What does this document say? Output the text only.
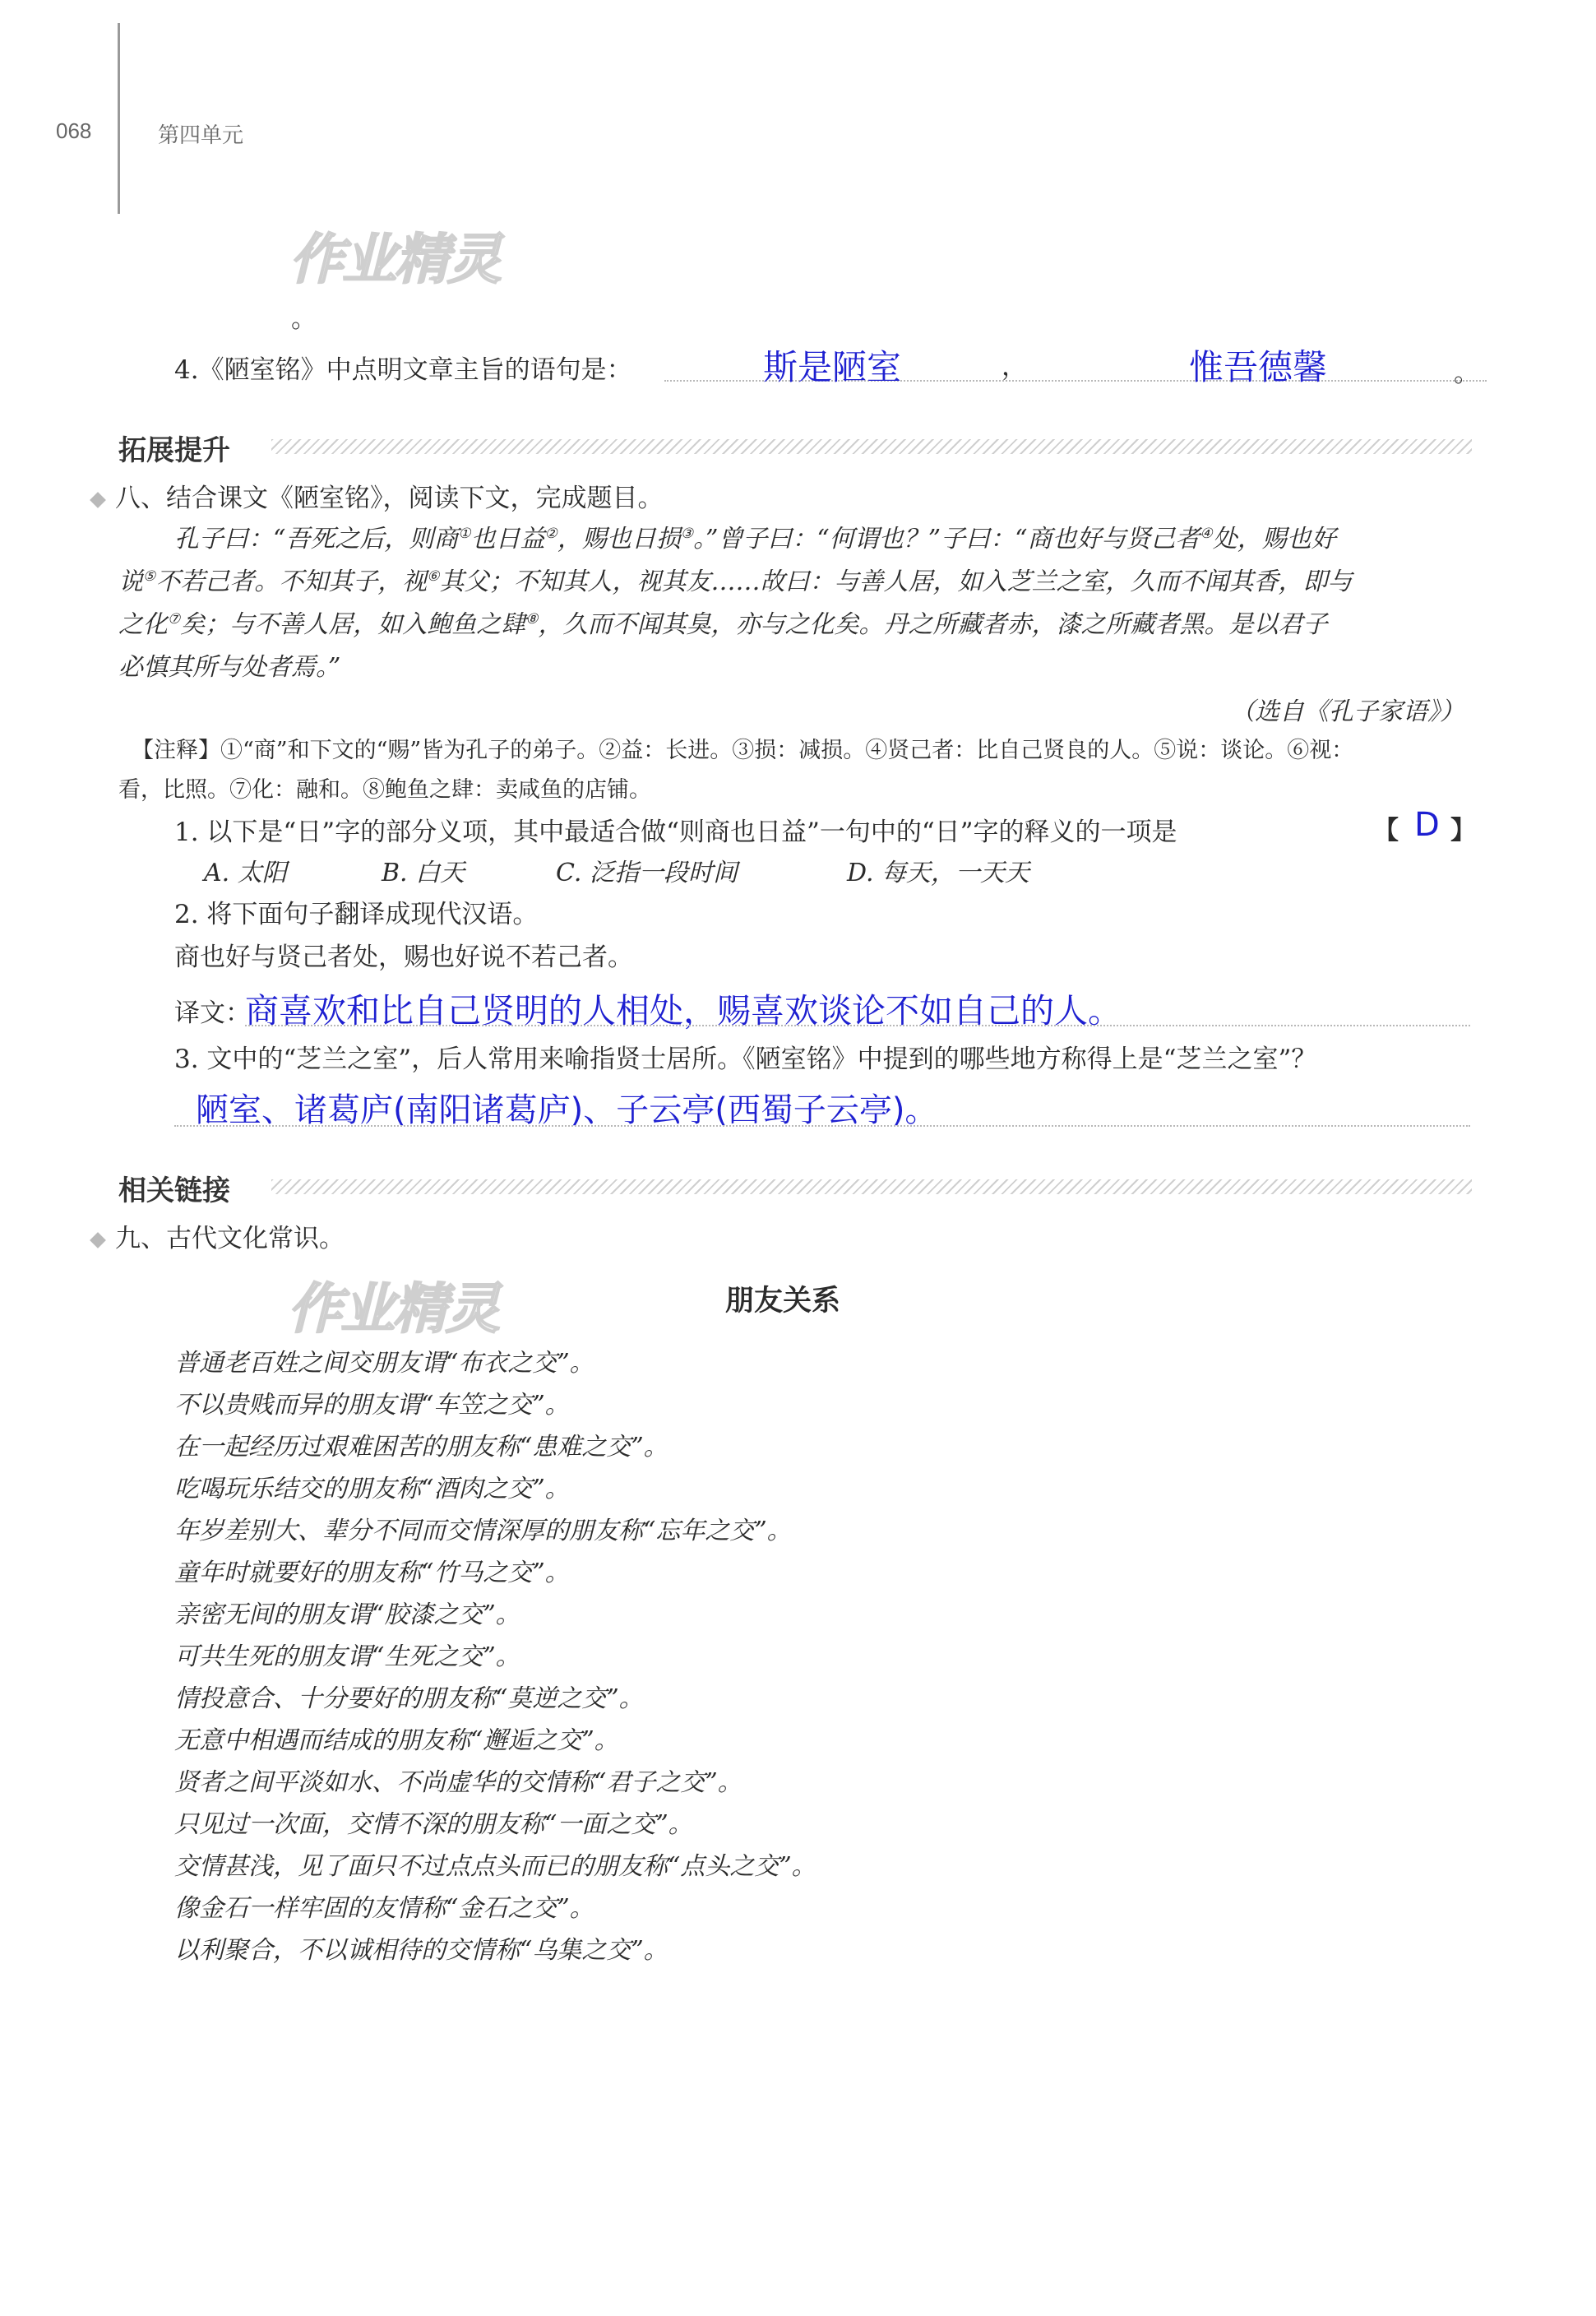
068	第四单元
作业精灵
。
4.《陋室铭》中点明文章主旨的语句是：	斯是陋室	，	惟吾德馨	。
拓展提升
八、结合课文《陋室铭》，阅读下文，完成题目。
孔子曰：“吾死之后，则商①也日益②，赐也日损③。”曾子曰：“何谓也？”子曰：“商也好与贤己者④处，赐也好
说⑤不若己者。不知其子，视⑥其父；不知其人，视其友……故曰：与善人居，如入芝兰之室，久而不闻其香，即与
之化⑦矣；与不善人居，如入鲍鱼之肆⑧，久而不闻其臭，亦与之化矣。丹之所藏者赤，漆之所藏者黑。是以君子
必慎其所与处者焉。”
（选自《孔子家语》）
【注释】①“商”和下文的“赐”皆为孔子的弟子。②益：长进。③损：减损。④贤己者：比自己贤良的人。⑤说：谈论。⑥视：
看，比照。⑦化：融和。⑧鲍鱼之肆：卖咸鱼的店铺。
1. 以下是“日”字的部分义项，其中最适合做“则商也日益”一句中的“日”字的释义的一项是	【 D 】
A. 太阳	B. 白天	C. 泛指一段时间	D. 每天，一天天
2. 将下面句子翻译成现代汉语。
商也好与贤己者处，赐也好说不若己者。
译文：
商喜欢和比自己贤明的人相处，赐喜欢谈论不如自己的人。
3. 文中的“芝兰之室”，后人常用来喻指贤士居所。《陋室铭》中提到的哪些地方称得上是“芝兰之室”？
陋室、诸葛庐(南阳诸葛庐)、子云亭(西蜀子云亭)。
相关链接
九、古代文化常识。
作业精灵	朋友关系
普通老百姓之间交朋友谓“布衣之交”。
不以贵贱而异的朋友谓“车笠之交”。
在一起经历过艰难困苦的朋友称“患难之交”。
吃喝玩乐结交的朋友称“酒肉之交”。
年岁差别大、辈分不同而交情深厚的朋友称“忘年之交”。
童年时就要好的朋友称“竹马之交”。
亲密无间的朋友谓“胶漆之交”。
可共生死的朋友谓“生死之交”。
情投意合、十分要好的朋友称“莫逆之交”。
无意中相遇而结成的朋友称“邂逅之交”。
贤者之间平淡如水、不尚虚华的交情称“君子之交”。
只见过一次面，交情不深的朋友称“一面之交”。
交情甚浅，见了面只不过点点头而已的朋友称“点头之交”。
像金石一样牢固的友情称“金石之交”。
以利聚合，不以诚相待的交情称“乌集之交”。
